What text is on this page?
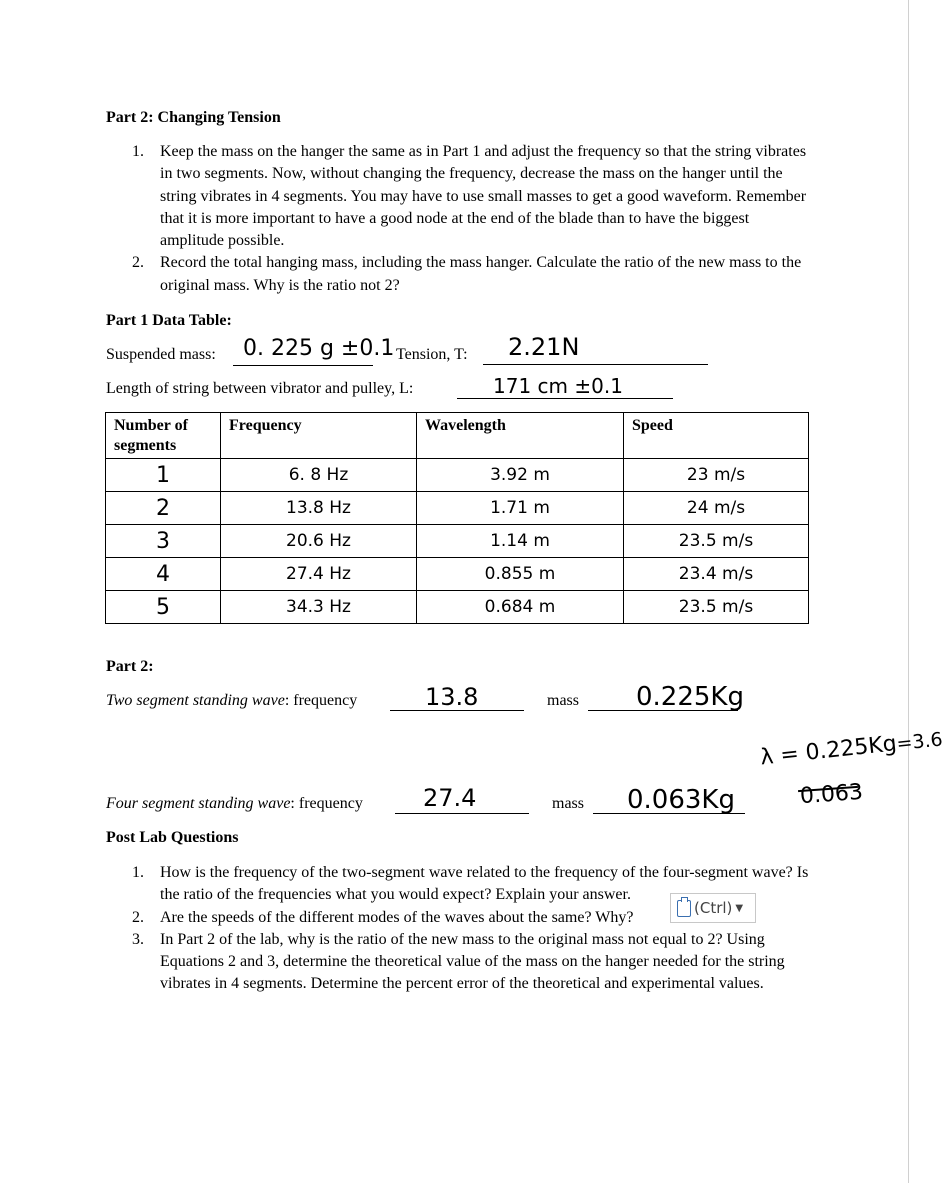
Part 2: Changing Tension
1. Keep the mass on the hanger the same as in Part 1 and adjust the frequency so that the string vibrates in two segments. Now, without changing the frequency, decrease the mass on the hanger until the string vibrates in 4 segments. You may have to use small masses to get a good waveform. Remember that it is more important to have a good node at the end of the blade than to have the biggest amplitude possible.
2. Record the total hanging mass, including the mass hanger. Calculate the ratio of the new mass to the original mass. Why is the ratio not 2?
Part 1 Data Table:
Suspended mass: 0. 225 g ±0.1 Tension, T: 2.21N
Length of string between vibrator and pulley, L:	171 cm ±0.1
Number of segments	Frequency	Wavelength	Speed
1	6. 8 Hz	3.92 m	23 m/s
2	13.8 Hz	1.71 m	24 m/s
3	20.6 Hz	1.14 m	23.5 m/s
4	27.4 Hz	0.855 m	23.4 m/s
5	34.3 Hz	0.684 m	23.5 m/s
Part 2:
Two segment standing wave: frequency	13.8	mass 0.225Kg
λ = 0.225Kg=3.6
0.063
Four segment standing wave: frequency	27.4	mass 0.063Kg
Post Lab Questions
1. How is the frequency of the two-segment wave related to the frequency of the four-segment wave? Is the ratio of the frequencies what you would expect? Explain your answer.
2. Are the speeds of the different modes of the waves about the same? Why?
3. In Part 2 of the lab, why is the ratio of the new mass to the original mass not equal to 2? Using Equations 2 and 3, determine the theoretical value of the mass on the hanger needed for the string vibrates in 4 segments. Determine the percent error of the theoretical and experimental values.
(Ctrl) ▼
